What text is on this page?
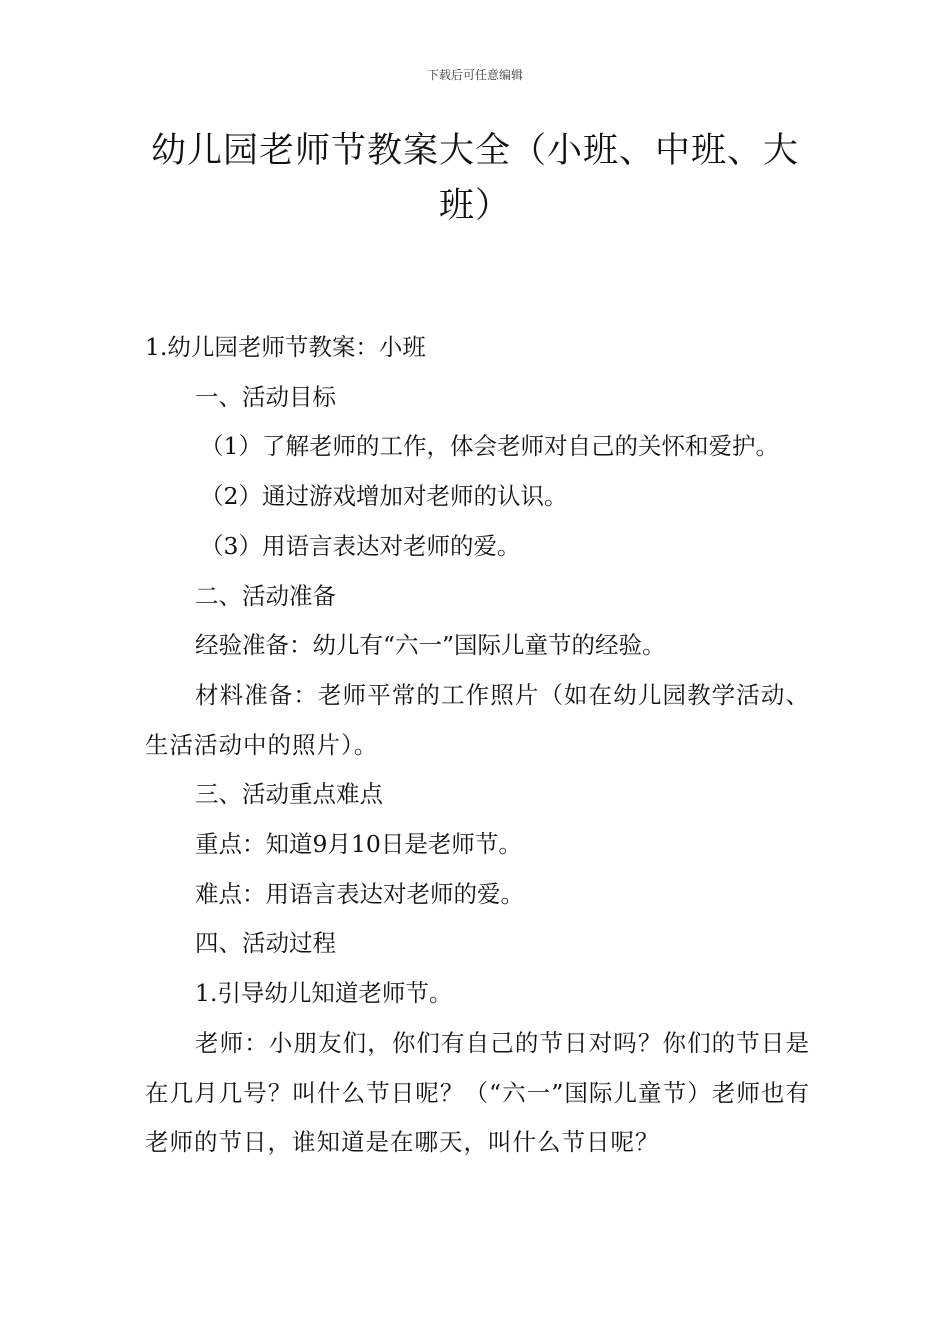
下载后可任意编辑
幼儿园老师节教案大全（小班、中班、大班）

1.幼儿园老师节教案：小班

一、活动目标

（1）了解老师的工作，体会老师对自己的关怀和爱护。

（2）通过游戏增加对老师的认识。

（3）用语言表达对老师的爱。

二、活动准备

经验准备：幼儿有“六一”国际儿童节的经验。

材料准备：老师平常的工作照片（如在幼儿园教学活动、生活活动中的照片）。

三、活动重点难点

重点：知道9月10日是老师节。

难点：用语言表达对老师的爱。

四、活动过程

1.引导幼儿知道老师节。

老师：小朋友们，你们有自己的节日对吗？你们的节日是在几月几号？叫什么节日呢？（“六一”国际儿童节）老师也有老师的节日，谁知道是在哪天，叫什么节日呢？
